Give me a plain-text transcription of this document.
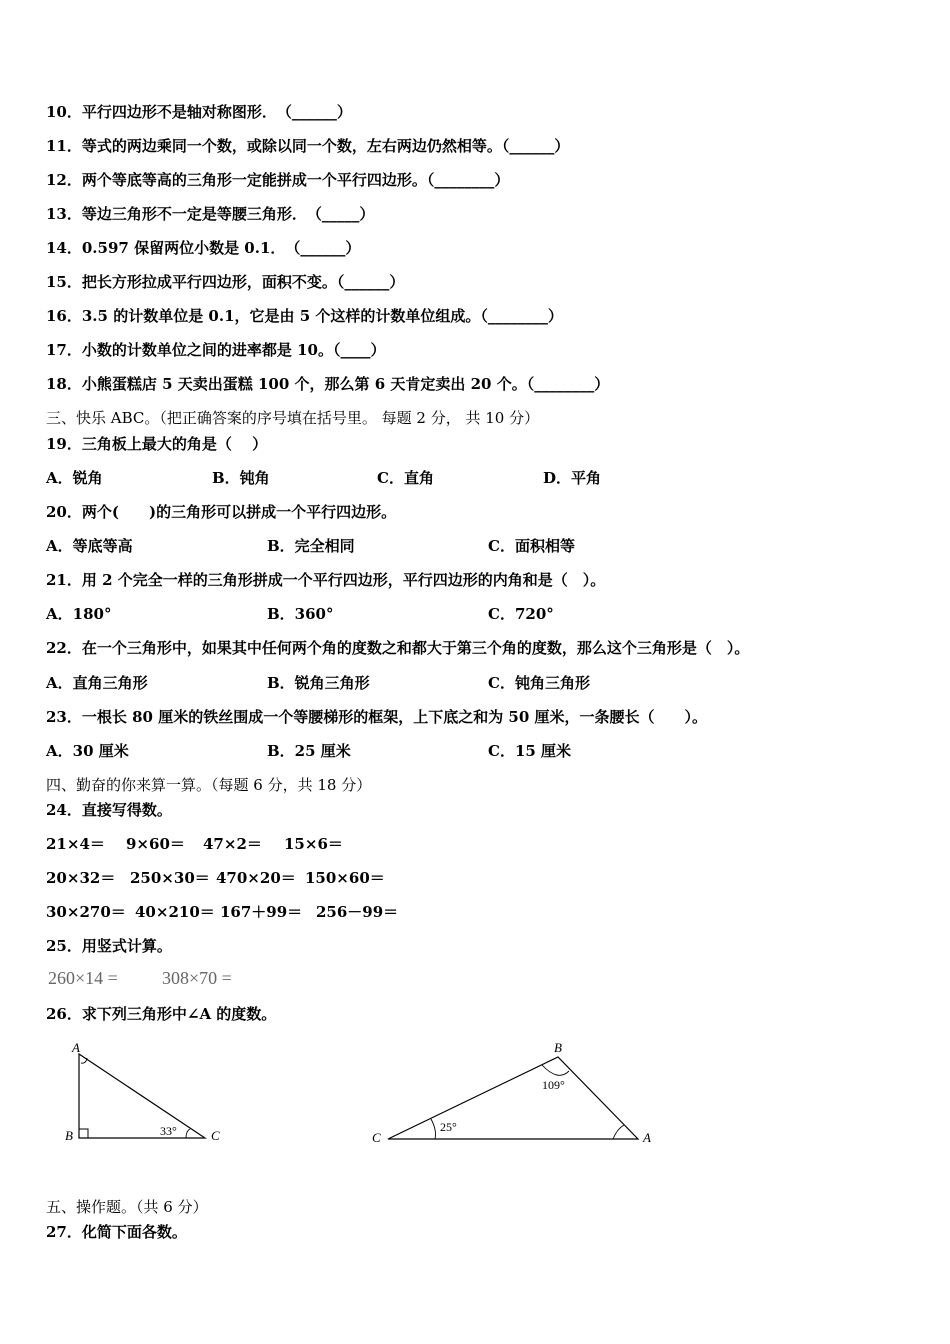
10．平行四边形不是轴对称图形．　 （______）
11．等式的两边乘同一个数，或除以同一个数，左右两边仍然相等。（______）
12．两个等底等高的三角形一定能拼成一个平行四边形。（________）
13．等边三角形不一定是等腰三角形．　 （_____）
14．0.597 保留两位小数是 0.1．　 （______）
15．把长方形拉成平行四边形，面积不变。（______）
16．3.5 的计数单位是 0.1，它是由 5 个这样的计数单位组成。（________）
17．小数的计数单位之间的进率都是 10。（____）
18．小熊蛋糕店 5 天卖出蛋糕 100 个，那么第 6 天肯定卖出 20 个。（________）
三、快乐 ABC。（把正确答案的序号填在括号里。 每题 2 分， 共 10 分）
19．三角板上最大的角是（　 ）
A．锐角	B．钝角	C．直角	D．平角
20．两个(　　)的三角形可以拼成一个平行四边形。
A．等底等高	B．完全相同	C．面积相等
21．用 2 个完全一样的三角形拼成一个平行四边形，平行四边形的内角和是（　）。
A．180°	B．360°	C．720°
22．在一个三角形中，如果其中任何两个角的度数之和都大于第三个角的度数，那么这个三角形是（　）。
A．直角三角形	B．锐角三角形	C．钝角三角形
23．一根长 80 厘米的铁丝围成一个等腰梯形的框架，上下底之和为 50 厘米，一条腰长（　　）。
A．30 厘米	B．25 厘米	C．15 厘米
四、勤奋的你来算一算。（每题 6 分，共 18 分）
24．直接写得数。
21×4＝ 9×60＝ 47×2＝ 15×6＝
20×32＝ 250×30＝ 470×20＝ 150×60＝
30×270＝ 40×210＝ 167＋99＝ 256－99＝
25．用竖式计算。
260×14 = 308×70 =
26．求下列三角形中∠A 的度数。
A
B	C
33°
B
C	A
109°
25°
五、操作题。（共 6 分）
27．化简下面各数。
